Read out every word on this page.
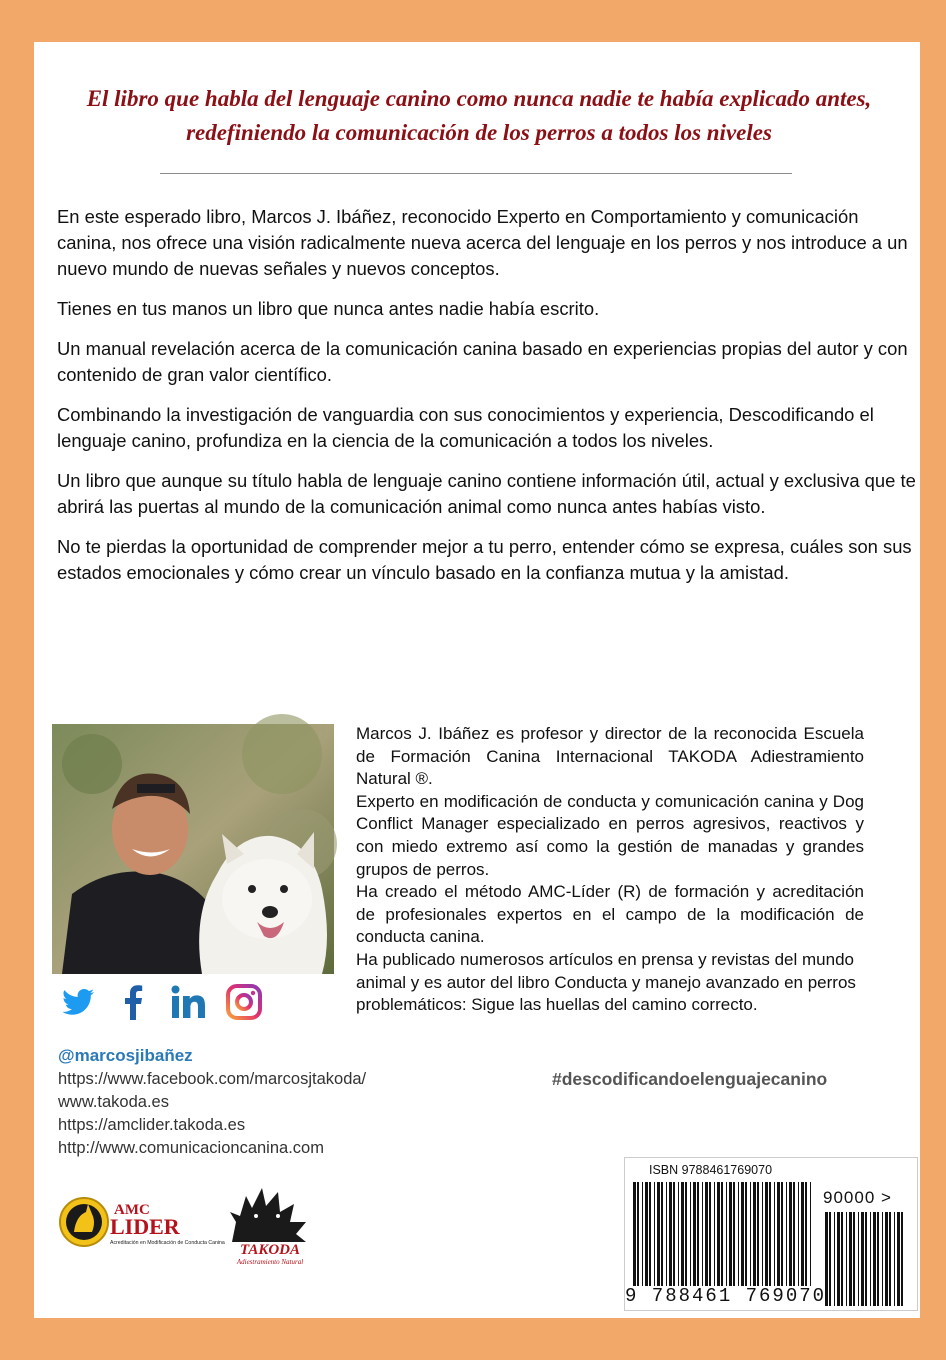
El libro que habla del lenguaje canino como nunca nadie te había explicado antes,
redefiniendo la comunicación de los perros a todos los niveles

En este esperado libro, Marcos J. Ibáñez, reconocido Experto en Comportamiento y comunicación canina, nos ofrece una visión radicalmente nueva acerca del lenguaje en los perros y nos introduce a un nuevo mundo de nuevas señales y nuevos conceptos.

Tienes en tus manos un libro que nunca antes nadie había escrito.

Un manual revelación acerca de la comunicación canina basado en experiencias propias del autor y con contenido de gran valor científico.

Combinando la investigación de vanguardia con sus conocimientos y experiencia, Descodificando el lenguaje canino, profundiza en la ciencia de la comunicación a todos los niveles.

Un libro que aunque su título habla de lenguaje canino contiene información útil, actual y exclusiva que te abrirá las puertas al mundo de la comunicación animal como nunca antes habías visto.

No te pierdas la oportunidad de comprender mejor a tu perro, entender cómo se expresa, cuáles son sus estados emocionales y cómo crear un vínculo basado en la confianza mutua y la amistad.

@marcosjibañez
https://www.facebook.com/marcosjtakoda/
www.takoda.es
https://amclider.takoda.es
http://www.comunicacioncanina.com

Marcos J. Ibáñez es profesor y director de la reconocida Escuela de Formación Canina Internacional TAKODA Adiestramiento Natural ®.

Experto en modificación de conducta y comunicación canina y Dog Conflict Manager especializado en perros agresivos, reactivos y con miedo extremo así como la gestión de manadas y grandes grupos de perros.

Ha creado el método AMC-Líder (R) de formación y acreditación de profesionales expertos en el campo de la modificación de conducta canina.

Ha publicado numerosos artículos en prensa y revistas del mundo animal y es autor del libro Conducta y manejo avanzado en perros problemáticos: Sigue las huellas del camino correcto.

#descodificandoelenguajecanino
AMC
LIDER
Acreditación en Modificación de Conducta Canina TAKODA
Adiestramiento Natural
ISBN 9788461769070
90000 >
9 788461 769070
